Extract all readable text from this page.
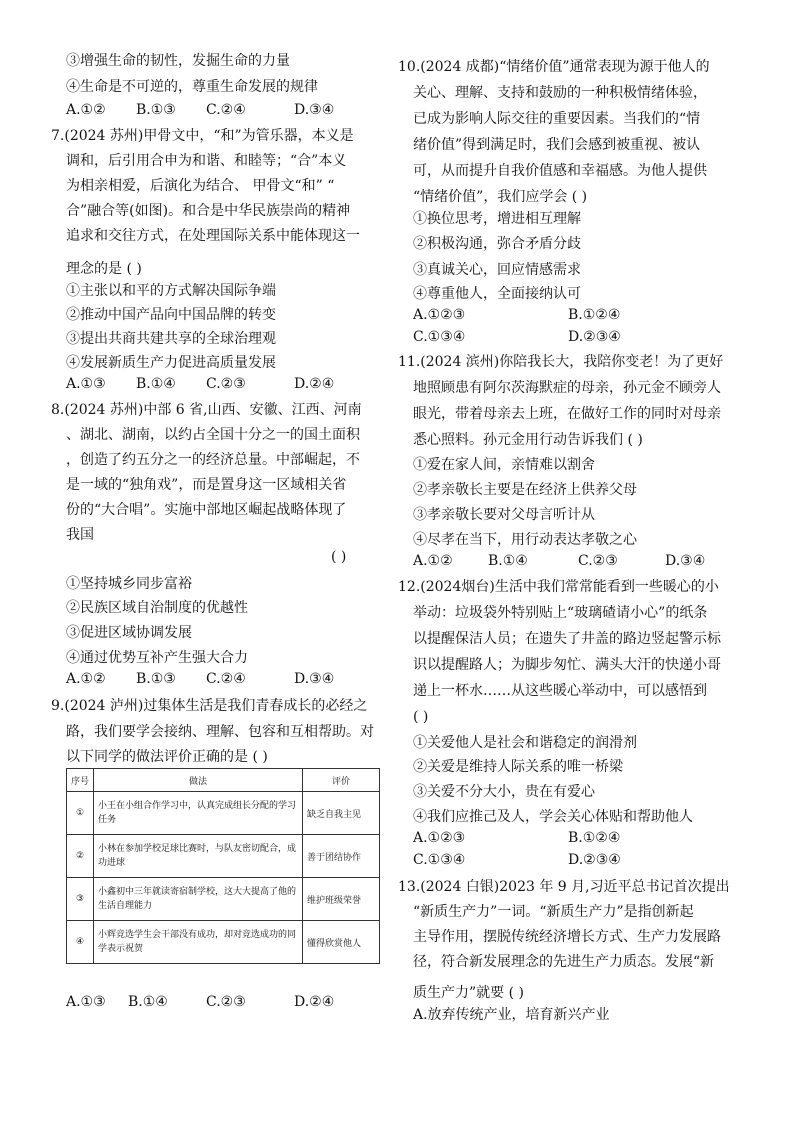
③增强生命的韧性，发掘生命的力量
④生命是不可逆的，尊重生命发展的规律
A.①② B.①③ C.②④	D.③④
7.(2024 苏州)甲骨文中，“和”为管乐器，本义是
调和，后引用合申为和谐、和睦等；“合”本义
为相亲相爱，后演化为结合、 甲骨文“和” “
合”融合等(如图)。和合是中华民族崇尚的精神
追求和交往方式，在处理国际关系中能体现这一
理念的是 ( )
①主张以和平的方式解决国际争端
②推动中国产品向中国品牌的转变
③提出共商共建共享的全球治理观
④发展新质生产力促进高质量发展
A.①③ B.①④ C.②③	D.②④
8.(2024 苏州)中部 6 省,山西、安徽、江西、河南
、湖北、湖南，以约占全国十分之一的国土面积
，创造了约五分之一的经济总量。中部崛起，不
是一域的“独角戏”，而是置身这一区域相关省
份的“大合唱”。实施中部地区崛起战略体现了
我国
( )
①坚持城乡同步富裕
②民族区域自治制度的优越性
③促进区域协调发展
④通过优势互补产生强大合力
A.①② B.①③ C.②④	D.③④
9.(2024 泸州)过集体生活是我们青春成长的必经之
路，我们要学会接纳、理解、包容和互相帮助。对
以下同学的做法评价正确的是 ( )
序号	做法	评价
①	小王在小组合作学习中，认真完成组长分配的学习任务	缺乏自我主见
②	小林在参加学校足球比赛时，与队友密切配合，成功进球	善于团结协作
③	小鑫初中三年就读寄宿制学校，这大大提高了他的生活自理能力	维护班级荣誉
④	小辉竞选学生会干部没有成功，却对竞选成功的同学表示祝贺	懂得欣赏他人
A.①③ B.①④	C.②③	D.②④
10.(2024 成都)“情绪价值”通常表现为源于他人的
关心、理解、支持和鼓励的一种积极情绪体验，
已成为影响人际交往的重要因素。当我们的“情
绪价值”得到满足时，我们会感到被重视、被认
可，从而提升自我价值感和幸福感。为他人提供
“情绪价值”，我们应学会 ( )
①换位思考，增进相互理解
②积极沟通，弥合矛盾分歧
③真诚关心，回应情感需求
④尊重他人，全面接纳认可
A.①②③	B.①②④
C.①③④	D.②③④
11.(2024 滨州)你陪我长大，我陪你变老！为了更好
地照顾患有阿尔茨海默症的母亲，孙元金不顾旁人
眼光，带着母亲去上班，在做好工作的同时对母亲
悉心照料。孙元金用行动告诉我们 ( )
①爱在家人间，亲情难以割舍
②孝亲敬长主要是在经济上供养父母
③孝亲敬长要对父母言听计从
④尽孝在当下，用行动表达孝敬之心
A.①②	B.①④	C.②③	D.③④
12.(2024烟台)生活中我们常常能看到一些暖心的小
举动：垃圾袋外特别贴上“玻璃碴请小心”的纸条
以提醒保洁人员；在遗失了井盖的路边竖起警示标
识以提醒路人；为脚步匆忙、满头大汗的快递小哥
递上一杯水……从这些暖心举动中，可以感悟到
( )
①关爱他人是社会和谐稳定的润滑剂
②关爱是维持人际关系的唯一桥梁
③关爱不分大小，贵在有爱心
④我们应推己及人，学会关心体贴和帮助他人
A.①②③	B.①②④
C.①③④	D.②③④
13.(2024 白银)2023 年 9 月,习近平总书记首次提出
“新质生产力”一词。“新质生产力”是指创新起
主导作用，摆脱传统经济增长方式、生产力发展路
径，符合新发展理念的先进生产力质态。发展“新
质生产力”就要 ( )
A.放弃传统产业，培育新兴产业
